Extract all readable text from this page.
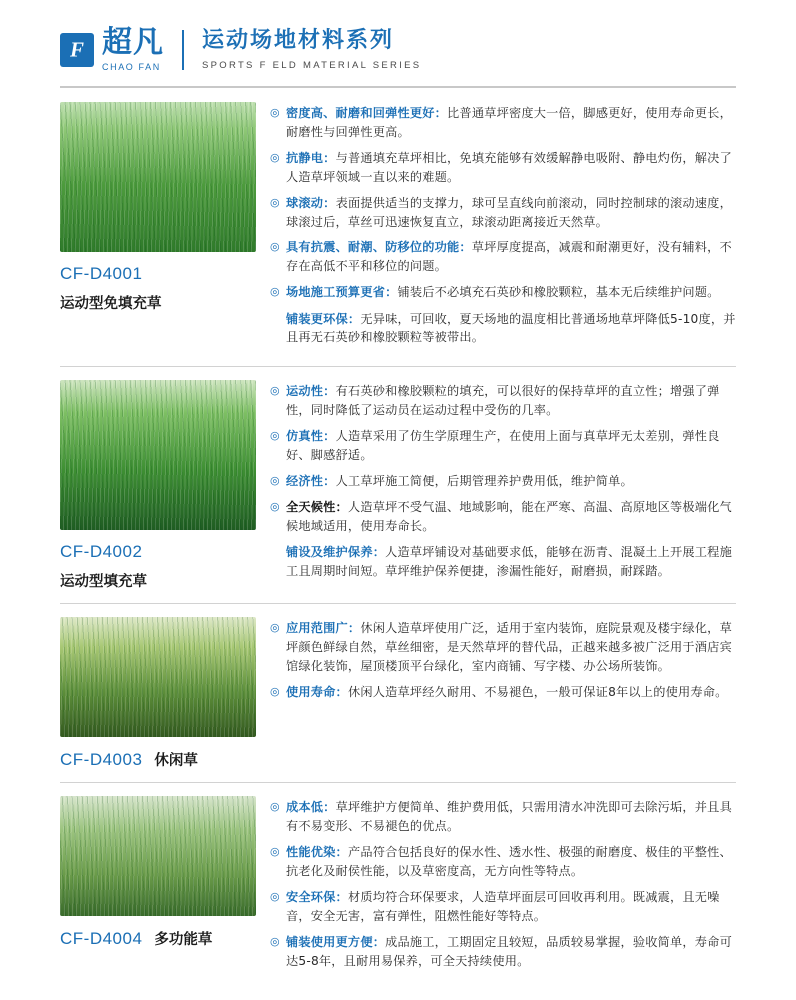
F
超凡
CHAO FAN
运动场地材料系列
SPORTS F ELD MATERIAL SERIES
CF-D4001
运动型免填充草
◎ 密度高、耐磨和回弹性更好：比普通草坪密度大一倍，脚感更好，使用寿命更长，耐磨性与回弹性更高。
◎ 抗静电：与普通填充草坪相比，免填充能够有效缓解静电吸附、静电灼伤，解决了人造草坪领域一直以来的难题。
◎ 球滚动：表面提供适当的支撑力，球可呈直线向前滚动，同时控制球的滚动速度，球滚过后，草丝可迅速恢复直立，球滚动距离接近天然草。
◎ 具有抗震、耐潮、防移位的功能：草坪厚度提高，减震和耐潮更好，没有辅料，不存在高低不平和移位的问题。
◎ 场地施工预算更省：铺装后不必填充石英砂和橡胶颗粒，基本无后续维护问题。
铺装更环保：无异味，可回收，夏天场地的温度相比普通场地草坪降低5-10度，并且再无石英砂和橡胶颗粒等被带出。
CF-D4002
运动型填充草
◎ 运动性：有石英砂和橡胶颗粒的填充，可以很好的保持草坪的直立性；增强了弹性，同时降低了运动员在运动过程中受伤的几率。
◎ 仿真性：人造草采用了仿生学原理生产，在使用上面与真草坪无太差别，弹性良好、脚感舒适。
◎ 经济性：人工草坪施工简便，后期管理养护费用低，维护简单。
◎ 全天候性：人造草坪不受气温、地域影响，能在严寒、高温、高原地区等极端化气候地域适用，使用寿命长。
铺设及维护保养：人造草坪铺设对基础要求低，能够在沥青、混凝土上开展工程施工且周期时间短。草坪维护保养便捷，渗漏性能好，耐磨损，耐踩踏。
CF-D4003 休闲草
◎ 应用范围广：休闲人造草坪使用广泛，适用于室内装饰，庭院景观及楼宇绿化，草坪颜色鲜绿自然，草丝细密，是天然草坪的替代品，正越来越多被广泛用于酒店宾馆绿化装饰，屋顶楼顶平台绿化，室内商铺、写字楼、办公场所装饰。
◎ 使用寿命：休闲人造草坪经久耐用、不易褪色，一般可保证8年以上的使用寿命。
CF-D4004 多功能草
◎ 成本低：草坪维护方便简单、维护费用低，只需用清水冲洗即可去除污垢，并且具有不易变形、不易褪色的优点。
◎ 性能优染：产品符合包括良好的保水性、透水性、极强的耐磨度、极佳的平整性、抗老化及耐侯性能，以及草密度高，无方向性等特点。
◎ 安全环保：材质均符合环保要求，人造草坪面层可回收再利用。既减震，且无噪音，安全无害，富有弹性，阻燃性能好等特点。
◎ 铺装使用更方便：成品施工，工期固定且较短，品质较易掌握，验收简单，寿命可达5-8年，且耐用易保养，可全天持续使用。
